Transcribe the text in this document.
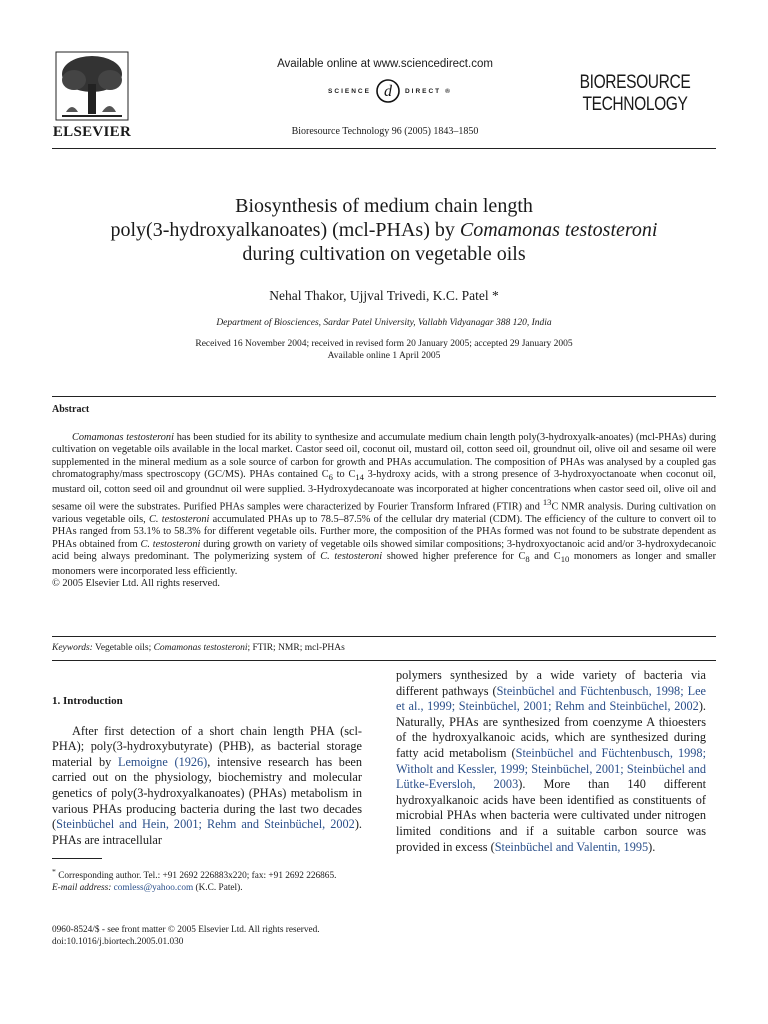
ELSEVIER
Available online at www.sciencedirect.com
SCIENCE d DIRECT ®
Bioresource Technology 96 (2005) 1843–1850
BIORESOURCE
TECHNOLOGY
Biosynthesis of medium chain length
poly(3-hydroxyalkanoates) (mcl-PHAs) by Comamonas testosteroni
during cultivation on vegetable oils
Nehal Thakor, Ujjval Trivedi, K.C. Patel *
Department of Biosciences, Sardar Patel University, Vallabh Vidyanagar 388 120, India
Received 16 November 2004; received in revised form 20 January 2005; accepted 29 January 2005
Available online 1 April 2005
Abstract

Comamonas testosteroni has been studied for its ability to synthesize and accumulate medium chain length poly(3-hydroxyalk-anoates) (mcl-PHAs) during cultivation on vegetable oils available in the local market. Castor seed oil, coconut oil, mustard oil, cotton seed oil, groundnut oil, olive oil and sesame oil were supplemented in the mineral medium as a sole source of carbon for growth and PHAs accumulation. The composition of PHAs was analysed by a coupled gas chromatography/mass spectroscopy (GC/MS). PHAs contained $C_6$ to $C_{14}$ 3-hydroxy acids, with a strong presence of 3-hydroxyoctanoate when coconut oil, mustard oil, cotton seed oil and groundnut oil were supplied. 3-Hydroxydecanoate was incorporated at higher concentrations when castor seed oil, olive oil and sesame oil were the substrates. Purified PHAs samples were characterized by Fourier Transform Infrared (FTIR) and $^{13}$C NMR analysis. During cultivation on various vegetable oils, C. testosteroni accumulated PHAs up to 78.5–87.5% of the cellular dry material (CDM). The efficiency of the culture to convert oil to PHAs ranged from 53.1% to 58.3% for different vegetable oils. Further more, the composition of the PHAs formed was not found to be substrate dependent as PHAs obtained from C. testosteroni during growth on variety of vegetable oils showed similar compositions; 3-hydroxyoctanoic acid and/or 3-hydroxydecanoic acid being always predominant. The polymerizing system of C. testosteroni showed higher preference for $C_8$ and $C_{10}$ monomers as longer and smaller monomers were incorporated less efficiently.

© 2005 Elsevier Ltd. All rights reserved.

Keywords: Vegetable oils; Comamonas testosteroni; FTIR; NMR; mcl-PHAs
1. Introduction

After first detection of a short chain length PHA (scl-PHA); poly(3-hydroxybutyrate) (PHB), as bacterial storage material by Lemoigne (1926), intensive research has been carried out on the physiology, biochemistry and molecular genetics of poly(3-hydroxyalkanoates) (PHAs) metabolism in various PHAs producing bacteria during the last two decades (Steinbüchel and Hein, 2001; Rehm and Steinbüchel, 2002). PHAs are intracellular

polymers synthesized by a wide variety of bacteria via different pathways (Steinbüchel and Füchtenbusch, 1998; Lee et al., 1999; Steinbüchel, 2001; Rehm and Steinbüchel, 2002). Naturally, PHAs are synthesized from coenzyme A thioesters of the hydroxyalkanoic acids, which are synthesized during fatty acid metabolism (Steinbüchel and Füchtenbusch, 1998; Witholt and Kessler, 1999; Steinbüchel, 2001; Steinbüchel and Lütke-Eversloh, 2003). More than 140 different hydroxyalkanoic acids have been identified as constituents of microbial PHAs when bacteria were cultivated under nitrogen limited conditions and if a suitable carbon source was provided in excess (Steinbüchel and Valentin, 1995).

* Corresponding author. Tel.: +91 2692 226883x220; fax: +91 2692 226865.
E-mail address: comless@yahoo.com (K.C. Patel).
0960-8524/$ - see front matter © 2005 Elsevier Ltd. All rights reserved.
doi:10.1016/j.biortech.2005.01.030
